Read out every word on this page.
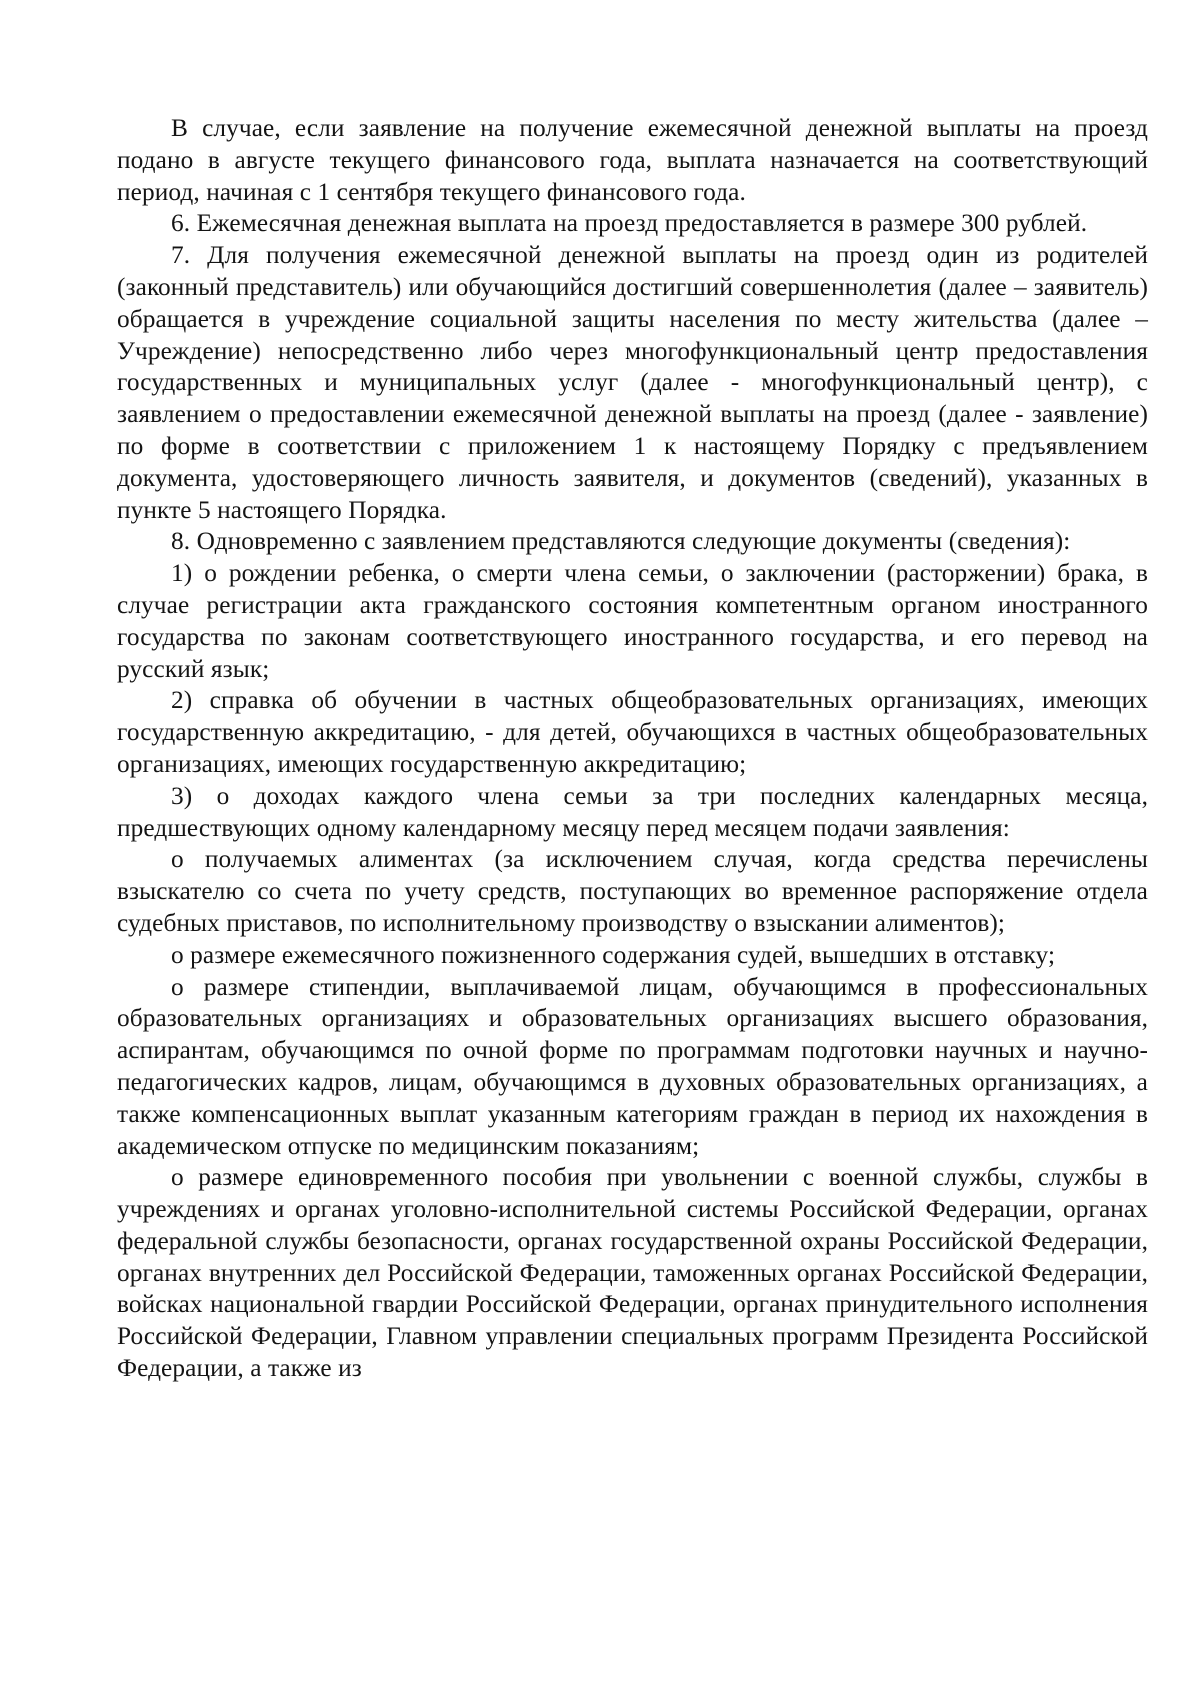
В случае, если заявление на получение ежемесячной денежной выплаты на проезд подано в августе текущего финансового года, выплата назначается на соответствующий период, начиная с 1 сентября текущего финансового года.

6. Ежемесячная денежная выплата на проезд предоставляется в размере 300 рублей.

7. Для получения ежемесячной денежной выплаты на проезд один из родителей (законный представитель) или обучающийся достигший совершеннолетия (далее – заявитель) обращается в учреждение социальной защиты населения по месту жительства (далее – Учреждение) непосредственно либо через многофункциональный центр предоставления государственных и муниципальных услуг (далее - многофункциональный центр), с заявлением о предоставлении ежемесячной денежной выплаты на проезд (далее - заявление) по форме в соответствии с приложением 1 к настоящему Порядку с предъявлением документа, удостоверяющего личность заявителя, и документов (сведений), указанных в пункте 5 настоящего Порядка.

8. Одновременно с заявлением представляются следующие документы (сведения):

1) о рождении ребенка, о смерти члена семьи, о заключении (расторжении) брака, в случае регистрации акта гражданского состояния компетентным органом иностранного государства по законам соответствующего иностранного государства, и его перевод на русский язык;

2) справка об обучении в частных общеобразовательных организациях, имеющих государственную аккредитацию, - для детей, обучающихся в частных общеобразовательных организациях, имеющих государственную аккредитацию;

3) о доходах каждого члена семьи за три последних календарных месяца, предшествующих одному календарному месяцу перед месяцем подачи заявления:

о получаемых алиментах (за исключением случая, когда средства перечислены взыскателю со счета по учету средств, поступающих во временное распоряжение отдела судебных приставов, по исполнительному производству о взыскании алиментов);

о размере ежемесячного пожизненного содержания судей, вышедших в отставку;

о размере стипендии, выплачиваемой лицам, обучающимся в профессиональных образовательных организациях и образовательных организациях высшего образования, аспирантам, обучающимся по очной форме по программам подготовки научных и научно-педагогических кадров, лицам, обучающимся в духовных образовательных организациях, а также компенсационных выплат указанным категориям граждан в период их нахождения в академическом отпуске по медицинским показаниям;

о размере единовременного пособия при увольнении с военной службы, службы в учреждениях и органах уголовно-исполнительной системы Российской Федерации, органах федеральной службы безопасности, органах государственной охраны Российской Федерации, органах внутренних дел Российской Федерации, таможенных органах Российской Федерации, войсках национальной гвардии Российской Федерации, органах принудительного исполнения Российской Федерации, Главном управлении специальных программ Президента Российской Федерации, а также из
